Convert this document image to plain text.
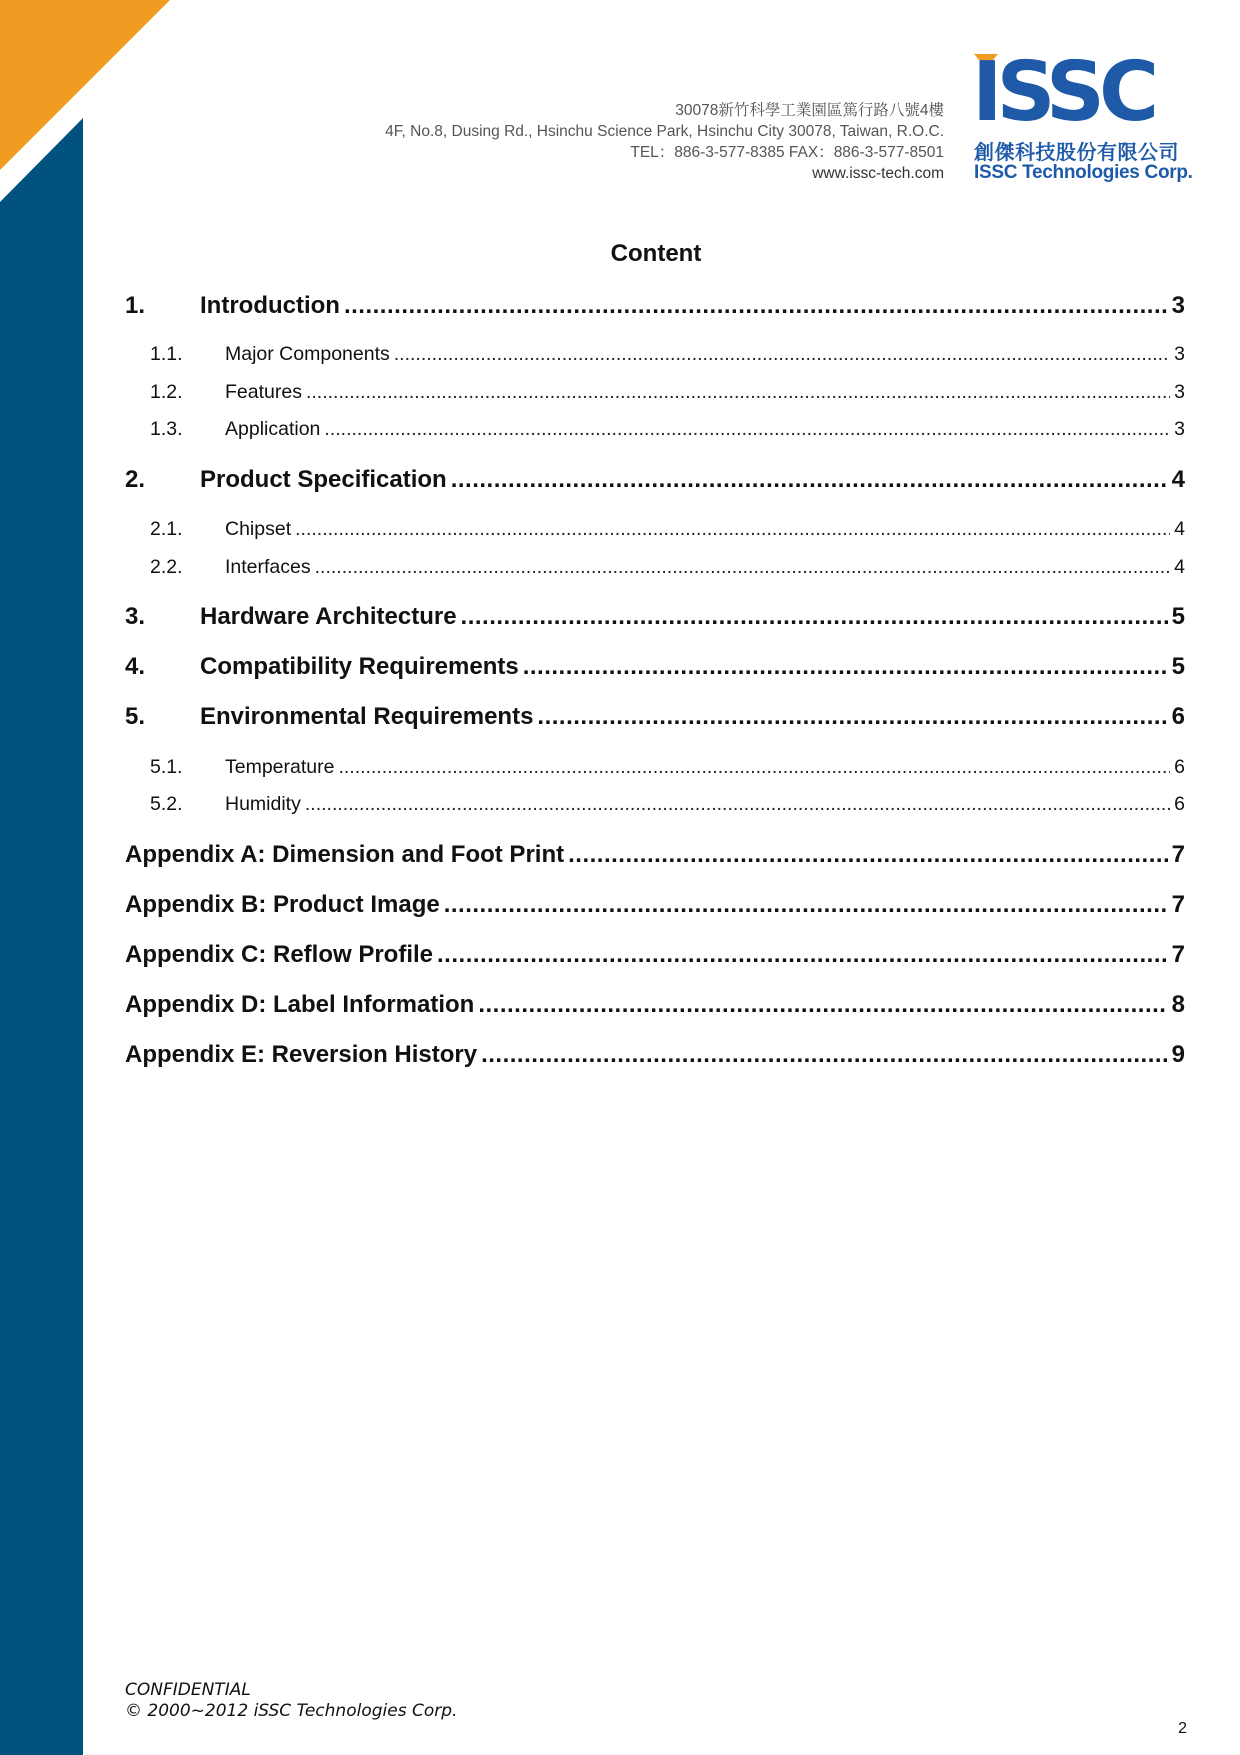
30078新竹科學工業園區篤行路八號4樓
4F, No.8, Dusing Rd., Hsinchu Science Park, Hsinchu City 30078, Taiwan, R.O.C.
TEL：886-3-577-8385 FAX：886-3-577-8501
www.issc-tech.com
ISSC
創傑科技股份有限公司
ISSC Technologies Corp.
Content
1.	Introduction .....	3
1.1.	Major Components .....	3
1.2.	Features .....	3
1.3.	Application .....	3
2.	Product Specification .....	4
2.1.	Chipset .....	4
2.2.	Interfaces .....	4
3.	Hardware Architecture .....	5
4.	Compatibility Requirements .....	5
5.	Environmental Requirements .....	6
5.1.	Temperature .....	6
5.2.	Humidity .....	6
Appendix A: Dimension and Foot Print .....	7
Appendix B: Product Image .....	7
Appendix C: Reflow Profile .....	7
Appendix D: Label Information .....	8
Appendix E: Reversion History .....	9
CONFIDENTIAL
© 2000~2012 iSSC Technologies Corp.
2
